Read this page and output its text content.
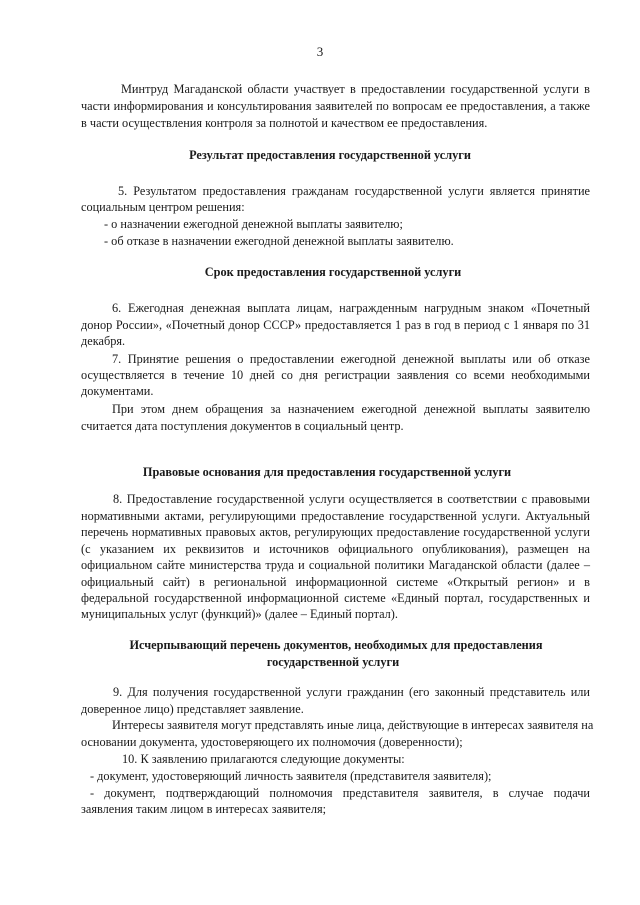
3
Минтруд Магаданской области участвует в предоставлении государственной услуги в
части информирования и консультирования заявителей по вопросам ее предоставления, а также
в части осуществления контроля за полнотой и качеством ее предоставления.
Результат предоставления государственной услуги
5. Результатом предоставления гражданам государственной услуги является принятие
социальным центром решения:
- о назначении ежегодной денежной выплаты заявителю;
- об отказе в назначении ежегодной денежной выплаты заявителю.
Срок предоставления государственной услуги
6. Ежегодная денежная выплата лицам, награжденным нагрудным знаком «Почетный
донор России», «Почетный донор СССР» предоставляется 1 раз в год в период с 1 января по 31
декабря.
7. Принятие решения о предоставлении ежегодной денежной выплаты или об отказе
осуществляется в течение 10 дней со дня регистрации заявления со всеми необходимыми
документами.
При этом днем обращения за назначением ежегодной денежной выплаты заявителю
считается дата поступления документов в социальный центр.
Правовые основания для предоставления государственной услуги
8. Предоставление государственной услуги осуществляется в соответствии с правовыми
нормативными актами, регулирующими предоставление государственной услуги. Актуальный
перечень нормативных правовых актов, регулирующих предоставление государственной услуги
(с указанием их реквизитов и источников официального опубликования), размещен на
официальном сайте министерства труда и социальной политики Магаданской области (далее –
официальный сайт) в региональной информационной системе «Открытый регион» и в
федеральной государственной информационной системе «Единый портал, государственных и
муниципальных услуг (функций)» (далее – Единый портал).
Исчерпывающий перечень документов, необходимых для предоставления
государственной услуги
9. Для получения государственной услуги гражданин (его законный представитель или
доверенное лицо) представляет заявление.
Интересы заявителя могут представлять иные лица, действующие в интересах заявителя на
основании документа, удостоверяющего их полномочия (доверенности);
10. К заявлению прилагаются следующие документы:
- документ, удостоверяющий личность заявителя (представителя заявителя);
- документ, подтверждающий полномочия представителя заявителя, в случае подачи
заявления таким лицом в интересах заявителя;
